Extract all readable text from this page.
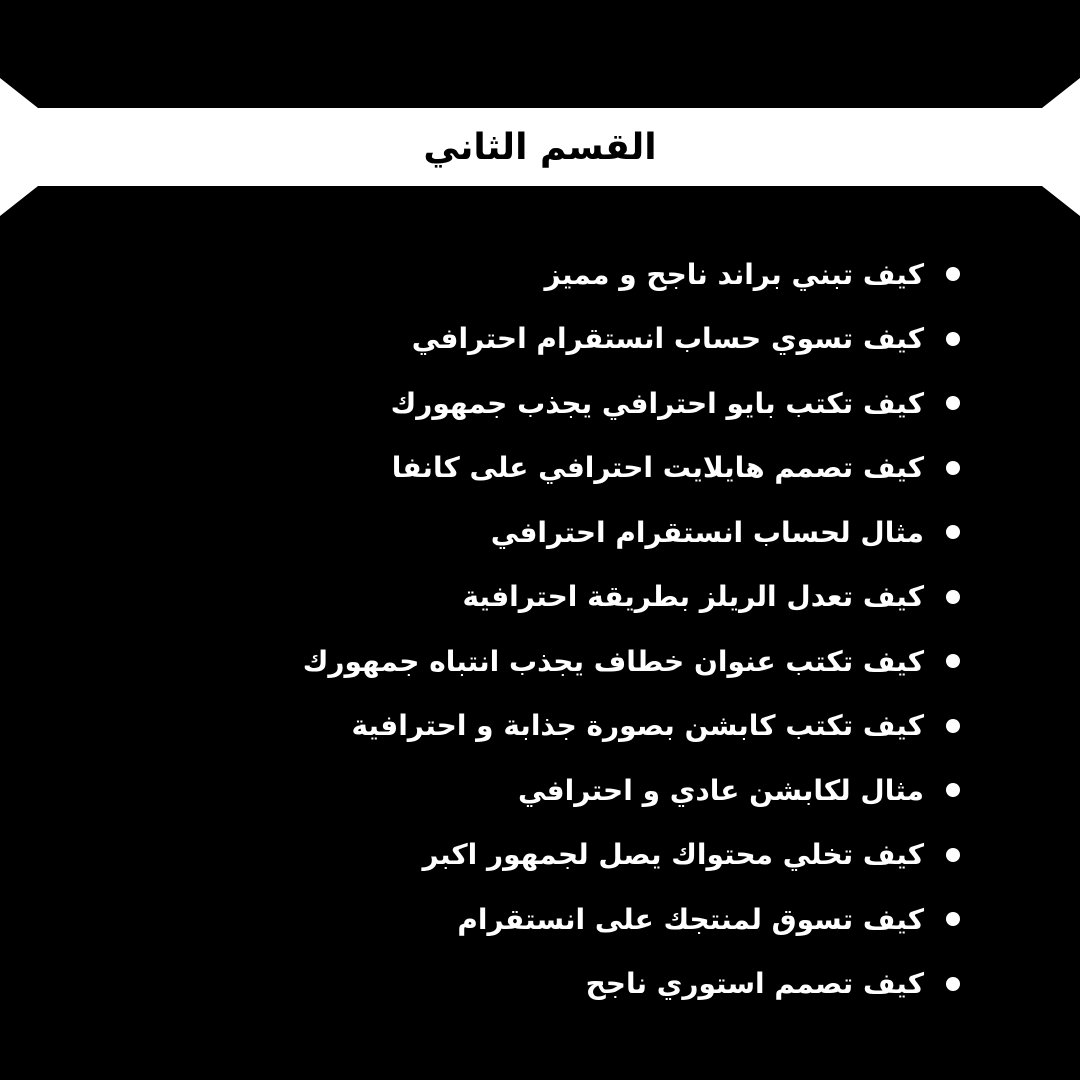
القسم الثاني
كيف تبني براند ناجح و مميز
كيف تسوي حساب انستقرام احترافي
كيف تكتب بايو احترافي يجذب جمهورك
كيف تصمم هايلايت احترافي على كانفا
مثال لحساب انستقرام احترافي
كيف تعدل الريلز بطريقة احترافية
كيف تكتب عنوان خطاف يجذب انتباه جمهورك
كيف تكتب كابشن بصورة جذابة و احترافية
مثال لكابشن عادي و احترافي
كيف تخلي محتواك يصل لجمهور اكبر
كيف تسوق لمنتجك على انستقرام
كيف تصمم استوري ناجح
